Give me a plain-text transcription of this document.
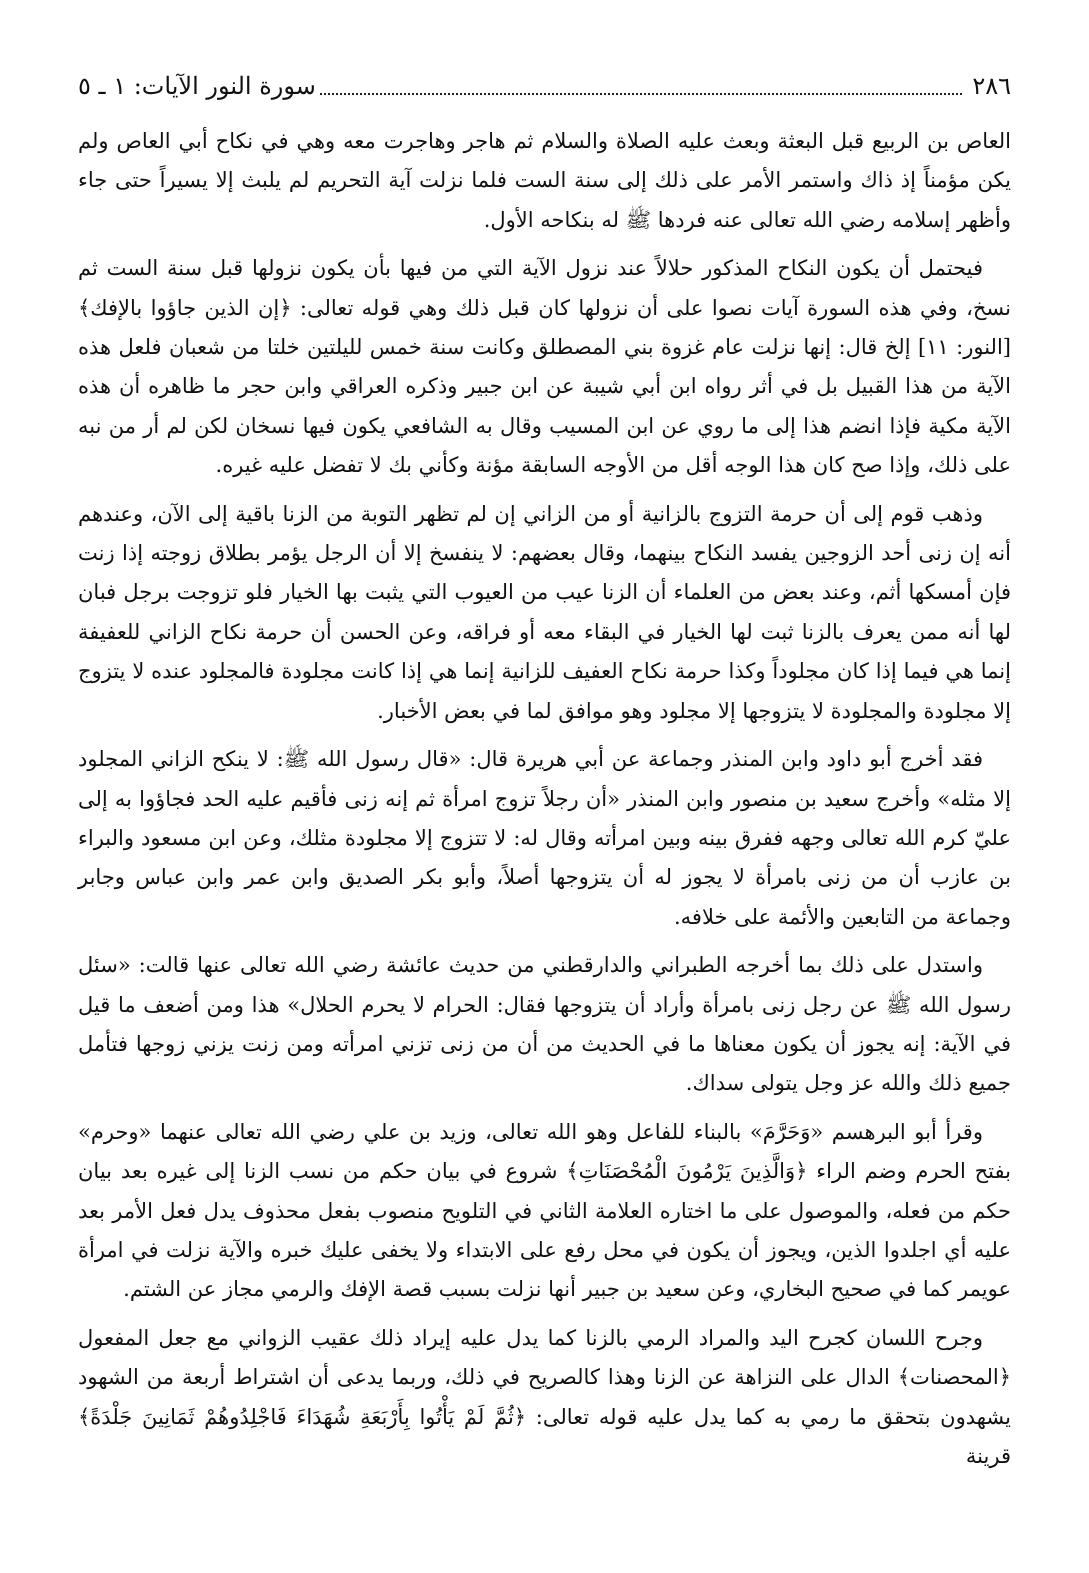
٢٨٦
سورة النور الآيات: ١ ـ ٥

العاص بن الربيع قبل البعثة وبعث عليه الصلاة والسلام ثم هاجر وهاجرت معه وهي في نكاح أبي العاص ولم يكن مؤمناً إذ ذاك واستمر الأمر على ذلك إلى سنة الست فلما نزلت آية التحريم لم يلبث إلا يسيراً حتى جاء وأظهر إسلامه رضي الله تعالى عنه فردها ﷺ له بنكاحه الأول.

فيحتمل أن يكون النكاح المذكور حلالاً عند نزول الآية التي من فيها بأن يكون نزولها قبل سنة الست ثم نسخ، وفي هذه السورة آيات نصوا على أن نزولها كان قبل ذلك وهي قوله تعالى: ﴿إن الذين جاؤوا بالإفك﴾ [النور: ١١] إلخ قال: إنها نزلت عام غزوة بني المصطلق وكانت سنة خمس لليلتين خلتا من شعبان فلعل هذه الآية من هذا القبيل بل في أثر رواه ابن أبي شيبة عن ابن جبير وذكره العراقي وابن حجر ما ظاهره أن هذه الآية مكية فإذا انضم هذا إلى ما روي عن ابن المسيب وقال به الشافعي يكون فيها نسخان لكن لم أر من نبه على ذلك، وإذا صح كان هذا الوجه أقل من الأوجه السابقة مؤنة وكأني بك لا تفضل عليه غيره.

وذهب قوم إلى أن حرمة التزوج بالزانية أو من الزاني إن لم تظهر التوبة من الزنا باقية إلى الآن، وعندهم أنه إن زنى أحد الزوجين يفسد النكاح بينهما، وقال بعضهم: لا ينفسخ إلا أن الرجل يؤمر بطلاق زوجته إذا زنت فإن أمسكها أثم، وعند بعض من العلماء أن الزنا عيب من العيوب التي يثبت بها الخيار فلو تزوجت برجل فبان لها أنه ممن يعرف بالزنا ثبت لها الخيار في البقاء معه أو فراقه، وعن الحسن أن حرمة نكاح الزاني للعفيفة إنما هي فيما إذا كان مجلوداً وكذا حرمة نكاح العفيف للزانية إنما هي إذا كانت مجلودة فالمجلود عنده لا يتزوج إلا مجلودة والمجلودة لا يتزوجها إلا مجلود وهو موافق لما في بعض الأخبار.

فقد أخرج أبو داود وابن المنذر وجماعة عن أبي هريرة قال: «قال رسول الله ﷺ: لا ينكح الزاني المجلود إلا مثله» وأخرج سعيد بن منصور وابن المنذر «أن رجلاً تزوج امرأة ثم إنه زنى فأقيم عليه الحد فجاؤوا به إلى عليّ كرم الله تعالى وجهه ففرق بينه وبين امرأته وقال له: لا تتزوج إلا مجلودة مثلك، وعن ابن مسعود والبراء بن عازب أن من زنى بامرأة لا يجوز له أن يتزوجها أصلاً، وأبو بكر الصديق وابن عمر وابن عباس وجابر وجماعة من التابعين والأئمة على خلافه.

واستدل على ذلك بما أخرجه الطبراني والدارقطني من حديث عائشة رضي الله تعالى عنها قالت: «سئل رسول الله ﷺ عن رجل زنى بامرأة وأراد أن يتزوجها فقال: الحرام لا يحرم الحلال» هذا ومن أضعف ما قيل في الآية: إنه يجوز أن يكون معناها ما في الحديث من أن من زنى تزني امرأته ومن زنت يزني زوجها فتأمل جميع ذلك والله عز وجل يتولى سداك.

وقرأ أبو البرهسم «وَحَرَّمَ» بالبناء للفاعل وهو الله تعالى، وزيد بن علي رضي الله تعالى عنهما «وحرم» بفتح الحرم وضم الراء ﴿وَالَّذِينَ يَرْمُونَ الْمُحْصَنَاتِ﴾ شروع في بيان حكم من نسب الزنا إلى غيره بعد بيان حكم من فعله، والموصول على ما اختاره العلامة الثاني في التلويح منصوب بفعل محذوف يدل فعل الأمر بعد عليه أي اجلدوا الذين، ويجوز أن يكون في محل رفع على الابتداء ولا يخفى عليك خبره والآية نزلت في امرأة عويمر كما في صحيح البخاري، وعن سعيد بن جبير أنها نزلت بسبب قصة الإفك والرمي مجاز عن الشتم.

وجرح اللسان كجرح اليد والمراد الرمي بالزنا كما يدل عليه إيراد ذلك عقيب الزواني مع جعل المفعول ﴿المحصنات﴾ الدال على النزاهة عن الزنا وهذا كالصريح في ذلك، وربما يدعى أن اشتراط أربعة من الشهود يشهدون بتحقق ما رمي به كما يدل عليه قوله تعالى: ﴿ثُمَّ لَمْ يَأْتُوا بِأَرْبَعَةِ شُهَدَاءَ فَاجْلِدُوهُمْ ثَمَانِينَ جَلْدَةً﴾ قرينة
